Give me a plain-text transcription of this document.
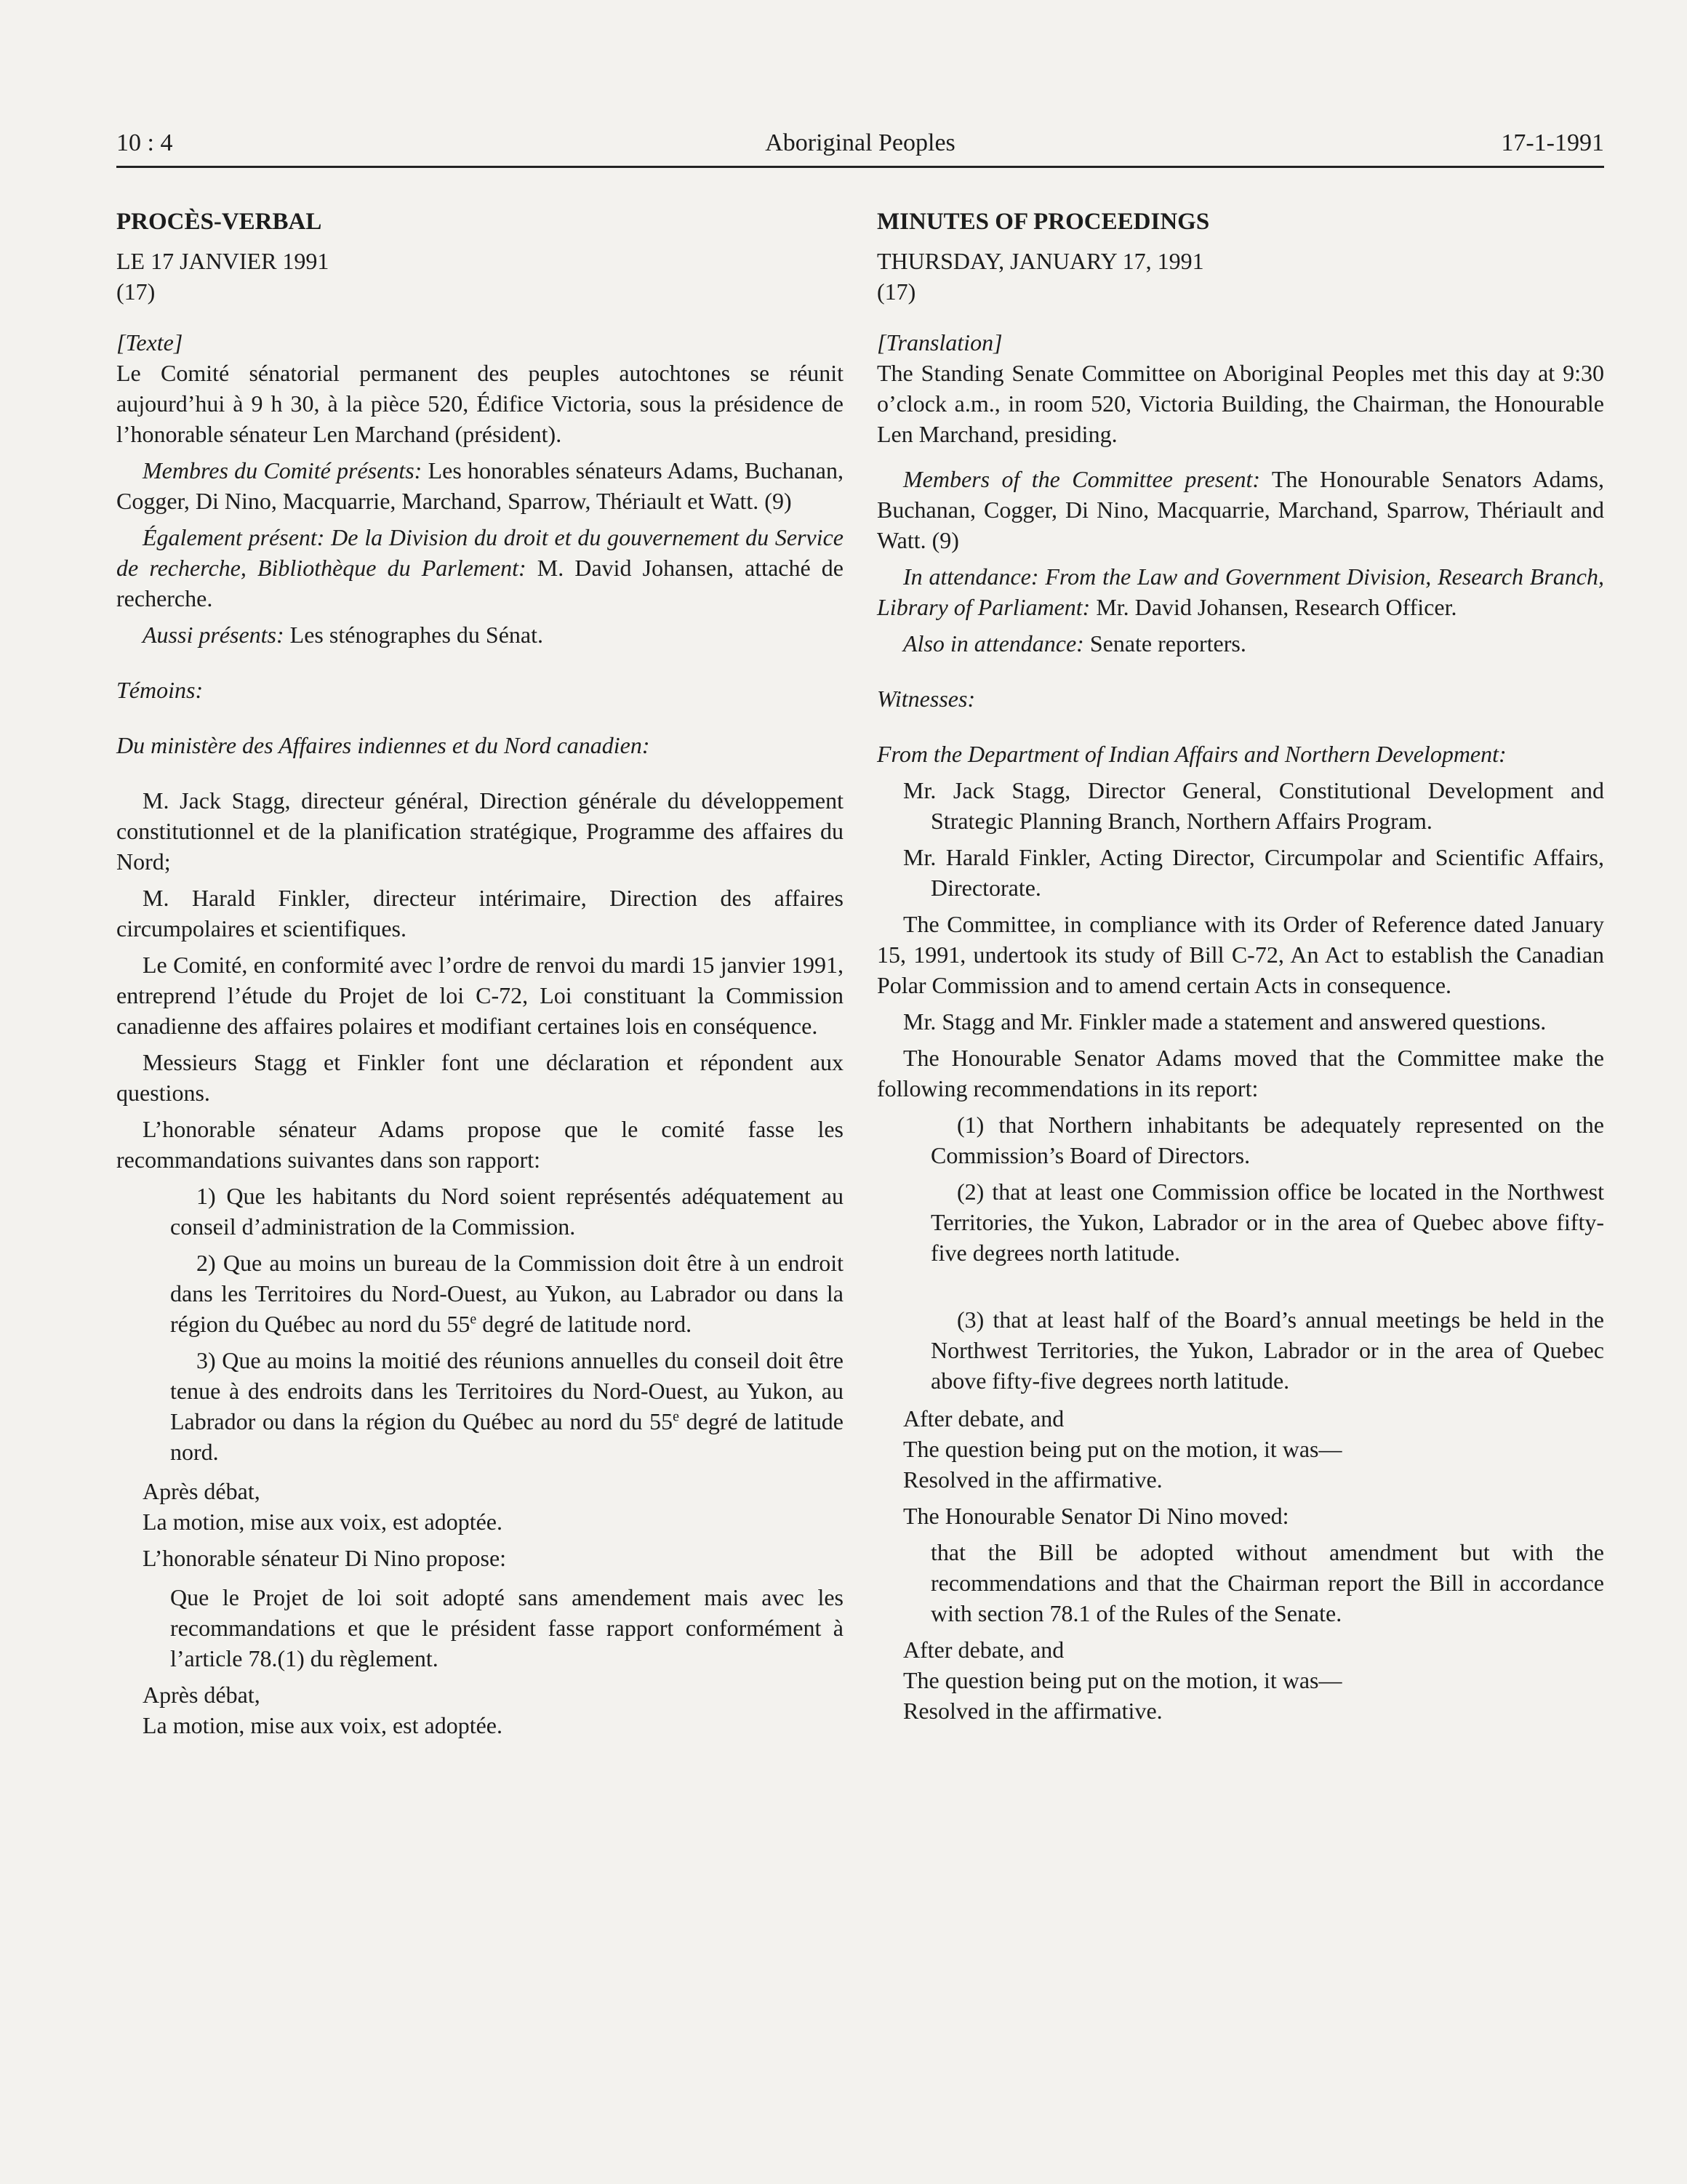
10 : 4	Aboriginal Peoples	17-1-1991

PROCÈS-VERBAL

LE 17 JANVIER 1991

(17)

[Texte]

Le Comité sénatorial permanent des peuples autochtones se réunit aujourd’hui à 9 h 30, à la pièce 520, Édifice Victoria, sous la présidence de l’honorable sénateur Len Marchand (président).

Membres du Comité présents: Les honorables sénateurs Adams, Buchanan, Cogger, Di Nino, Macquarrie, Marchand, Sparrow, Thériault et Watt. (9)

Également présent: De la Division du droit et du gouvernement du Service de recherche, Bibliothèque du Parlement: M. David Johansen, attaché de recherche.

Aussi présents: Les sténographes du Sénat.

Témoins:

Du ministère des Affaires indiennes et du Nord canadien:

M. Jack Stagg, directeur général, Direction générale du développement constitutionnel et de la planification stratégique, Programme des affaires du Nord;

M. Harald Finkler, directeur intérimaire, Direction des affaires circumpolaires et scientifiques.

Le Comité, en conformité avec l’ordre de renvoi du mardi 15 janvier 1991, entreprend l’étude du Projet de loi C-72, Loi constituant la Commission canadienne des affaires polaires et modifiant certaines lois en conséquence.

Messieurs Stagg et Finkler font une déclaration et répondent aux questions.

L’honorable sénateur Adams propose que le comité fasse les recommandations suivantes dans son rapport:

1) Que les habitants du Nord soient représentés adéquatement au conseil d’administration de la Commission.

2) Que au moins un bureau de la Commission doit être à un endroit dans les Territoires du Nord-Ouest, au Yukon, au Labrador ou dans la région du Québec au nord du 55e degré de latitude nord.

3) Que au moins la moitié des réunions annuelles du conseil doit être tenue à des endroits dans les Territoires du Nord-Ouest, au Yukon, au Labrador ou dans la région du Québec au nord du 55e degré de latitude nord.

Après débat,

La motion, mise aux voix, est adoptée.

L’honorable sénateur Di Nino propose:

Que le Projet de loi soit adopté sans amendement mais avec les recommandations et que le président fasse rapport conformément à l’article 78.(1) du règlement.

Après débat,

La motion, mise aux voix, est adoptée.

MINUTES OF PROCEEDINGS

THURSDAY, JANUARY 17, 1991

(17)

[Translation]

The Standing Senate Committee on Aboriginal Peoples met this day at 9:30 o’clock a.m., in room 520, Victoria Building, the Chairman, the Honourable Len Marchand, presiding.

Members of the Committee present: The Honourable Senators Adams, Buchanan, Cogger, Di Nino, Macquarrie, Marchand, Sparrow, Thériault and Watt. (9)

In attendance: From the Law and Government Division, Research Branch, Library of Parliament: Mr. David Johansen, Research Officer.

Also in attendance: Senate reporters.

Witnesses:

From the Department of Indian Affairs and Northern Development:

Mr. Jack Stagg, Director General, Constitutional Development and Strategic Planning Branch, Northern Affairs Program.

Mr. Harald Finkler, Acting Director, Circumpolar and Scientific Affairs, Directorate.

The Committee, in compliance with its Order of Reference dated January 15, 1991, undertook its study of Bill C-72, An Act to establish the Canadian Polar Commission and to amend certain Acts in consequence.

Mr. Stagg and Mr. Finkler made a statement and answered questions.

The Honourable Senator Adams moved that the Committee make the following recommendations in its report:

(1) that Northern inhabitants be adequately represented on the Commission’s Board of Directors.

(2) that at least one Commission office be located in the Northwest Territories, the Yukon, Labrador or in the area of Quebec above fifty-five degrees north latitude.

(3) that at least half of the Board’s annual meetings be held in the Northwest Territories, the Yukon, Labrador or in the area of Quebec above fifty-five degrees north latitude.

After debate, and

The question being put on the motion, it was—

Resolved in the affirmative.

The Honourable Senator Di Nino moved:

that the Bill be adopted without amendment but with the recommendations and that the Chairman report the Bill in accordance with section 78.1 of the Rules of the Senate.

After debate, and

The question being put on the motion, it was—

Resolved in the affirmative.
